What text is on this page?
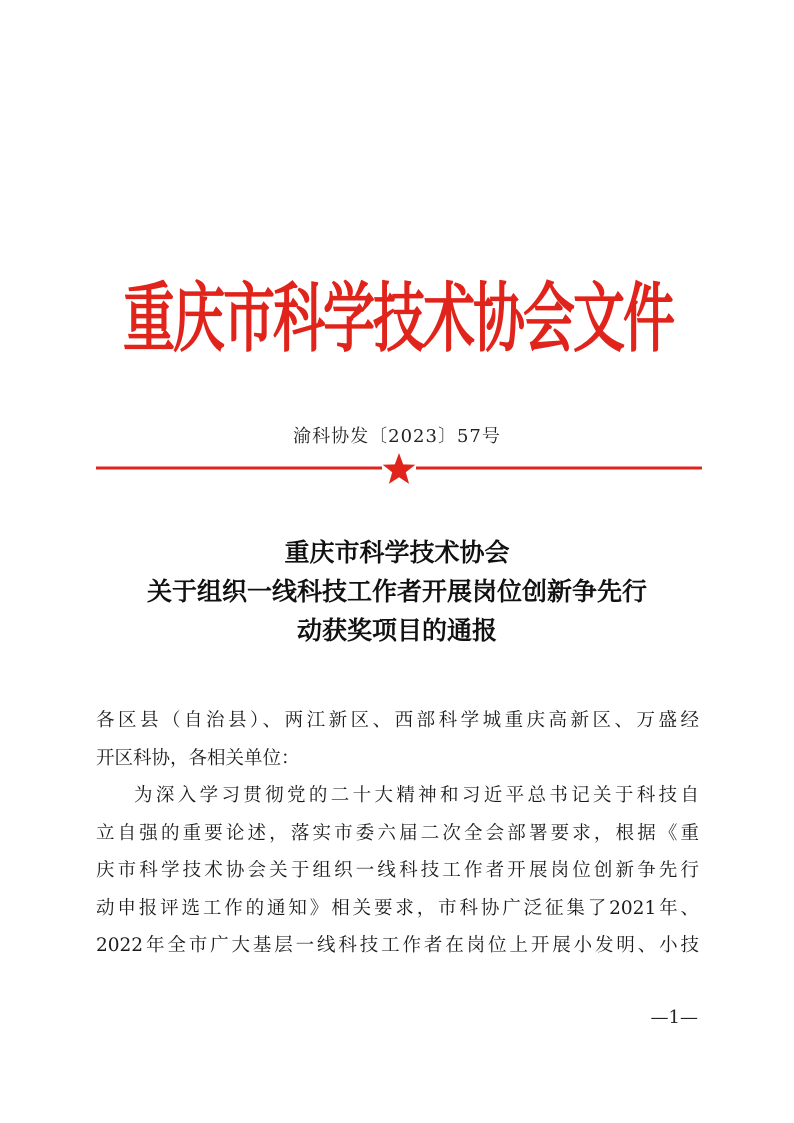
重庆市科学技术协会文件
渝科协发〔2023〕57号
重庆市科学技术协会
关于组织一线科技工作者开展岗位创新争先行
动获奖项目的通报

各区县（自治县）、两江新区、西部科学城重庆高新区、万盛经
开区科协，各相关单位：

为深入学习贯彻党的二十大精神和习近平总书记关于科技自
立自强的重要论述，落实市委六届二次全会部署要求，根据《重
庆市科学技术协会关于组织一线科技工作者开展岗位创新争先行
动申报评选工作的通知》相关要求，市科协广泛征集了2021年、
2022年全市广大基层一线科技工作者在岗位上开展小发明、小技

—1—
